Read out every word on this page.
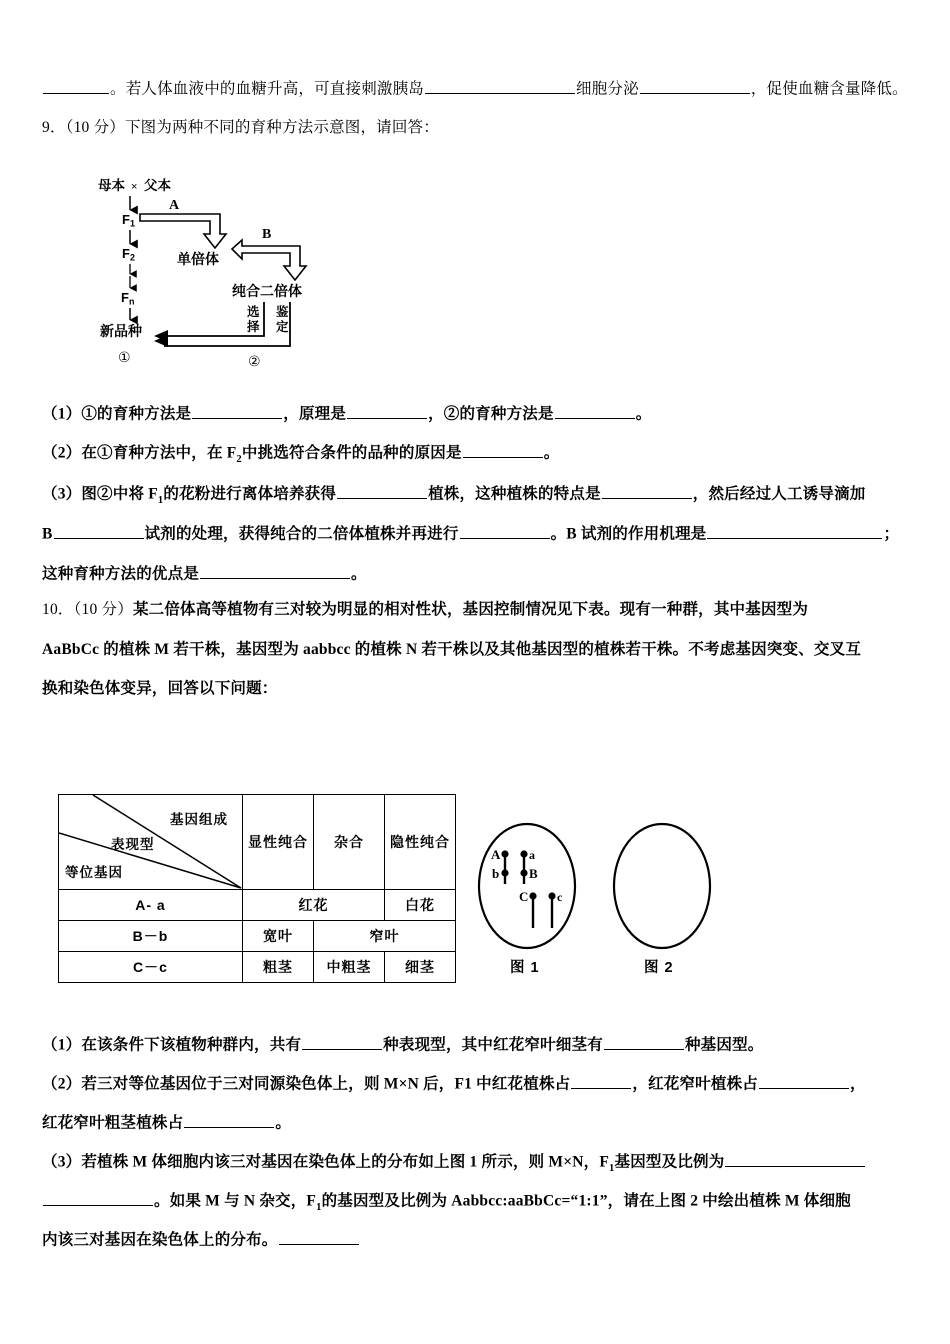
。若人体血液中的血糖升高，可直接刺激胰岛	细胞分泌	，促使血糖含量降低。
9．（10 分）下图为两种不同的育种方法示意图，请回答：
母本 × 父本
F1
F2
Fn
新品种
①
A
单倍体
B
纯合二倍体
选
择
鉴
定
②
（1）①的育种方法是	，原理是	，②的育种方法是	。
（2）在①育种方法中，在 $F_2$中挑选符合条件的品种的原因是	。
（3）图②中将 $F_1$的花粉进行离体培养获得	植株，这种植株的特点是	，然后经过人工诱导滴加
B	试剂的处理，获得纯合的二倍体植株并再进行	。B 试剂的作用机理是	；
这种育种方法的优点是	。
10．（10 分）某二倍体高等植物有三对较为明显的相对性状，基因控制情况见下表。现有一种群，其中基因型为
AaBbCc 的植株 M 若干株，基因型为 aabbcc 的植株 N 若干株以及其他基因型的植株若干株。不考虑基因突变、交叉互
换和染色体变异，回答以下问题：
基因组成
表现型
等位基因	显性纯合	杂合	隐性纯合
A- a	红花		白花
B－b	宽叶	窄叶	
C－c	粗茎	中粗茎	细茎
A
b
a
B
C c
图 1	图 2
（1）在该条件下该植物种群内，共有	种表现型，其中红花窄叶细茎有	种基因型。
（2）若三对等位基因位于三对同源染色体上，则 M×N 后，F1 中红花植株占	，红花窄叶植株占	，
红花窄叶粗茎植株占	。
（3）若植株 M 体细胞内该三对基因在染色体上的分布如上图 1 所示，则 M×N，$F_1$基因型及比例为
。如果 M 与 N 杂交，$F_1$的基因型及比例为 Aabbcc:aaBbCc=“1:1”，请在上图 2 中绘出植株 M 体细胞
内该三对基因在染色体上的分布。
